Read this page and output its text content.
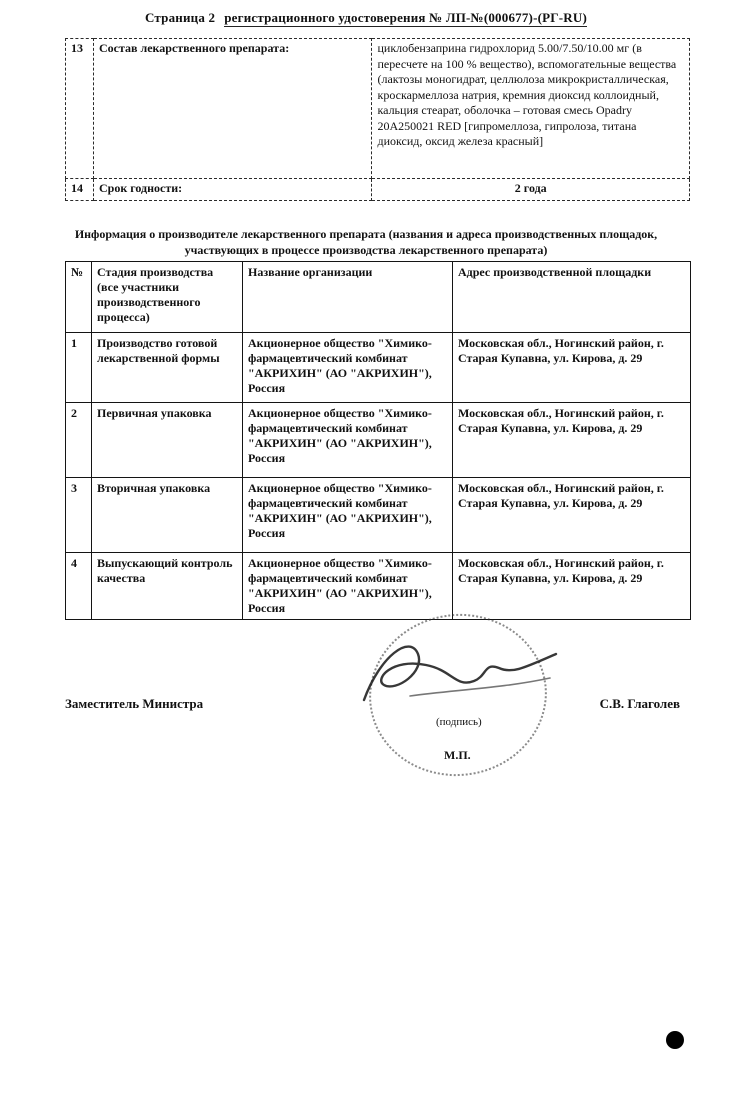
Страница 2 регистрационного удостоверения № ЛП-№(000677)-(РГ-RU)
13	Состав лекарственного препарата:	циклобензаприна гидрохлорид 5.00/7.50/10.00 мг (в пересчете на 100 % вещество), вспомогательные вещества (лактозы моногидрат, целлюлоза микрокристаллическая, кроскармеллоза натрия, кремния диоксид коллоидный, кальция стеарат, оболочка – готовая смесь Opadry 20A250021 RED [гипромеллоза, гипролоза, титана диоксид, оксид железа красный]
14	Срок годности:	2 года
Информация о производителе лекарственного препарата (названия и адреса производственных площадок, участвующих в процессе производства лекарственного препарата)
№	Стадия производства (все участники производственного процесса)	Название организации	Адрес производственной площадки
1	Производство готовой лекарственной формы	Акционерное общество "Химико-фармацевтический комбинат "АКРИХИН" (АО "АКРИХИН"), Россия	Московская обл., Ногинский район, г. Старая Купавна, ул. Кирова, д. 29
2	Первичная упаковка	Акционерное общество "Химико-фармацевтический комбинат "АКРИХИН" (АО "АКРИХИН"), Россия	Московская обл., Ногинский район, г. Старая Купавна, ул. Кирова, д. 29
3	Вторичная упаковка	Акционерное общество "Химико-фармацевтический комбинат "АКРИХИН" (АО "АКРИХИН"), Россия	Московская обл., Ногинский район, г. Старая Купавна, ул. Кирова, д. 29
4	Выпускающий контроль качества	Акционерное общество "Химико-фармацевтический комбинат "АКРИХИН" (АО "АКРИХИН"), Россия	Московская обл., Ногинский район, г. Старая Купавна, ул. Кирова, д. 29
Заместитель Министра
(подпись)
М.П.
С.В. Глаголев
